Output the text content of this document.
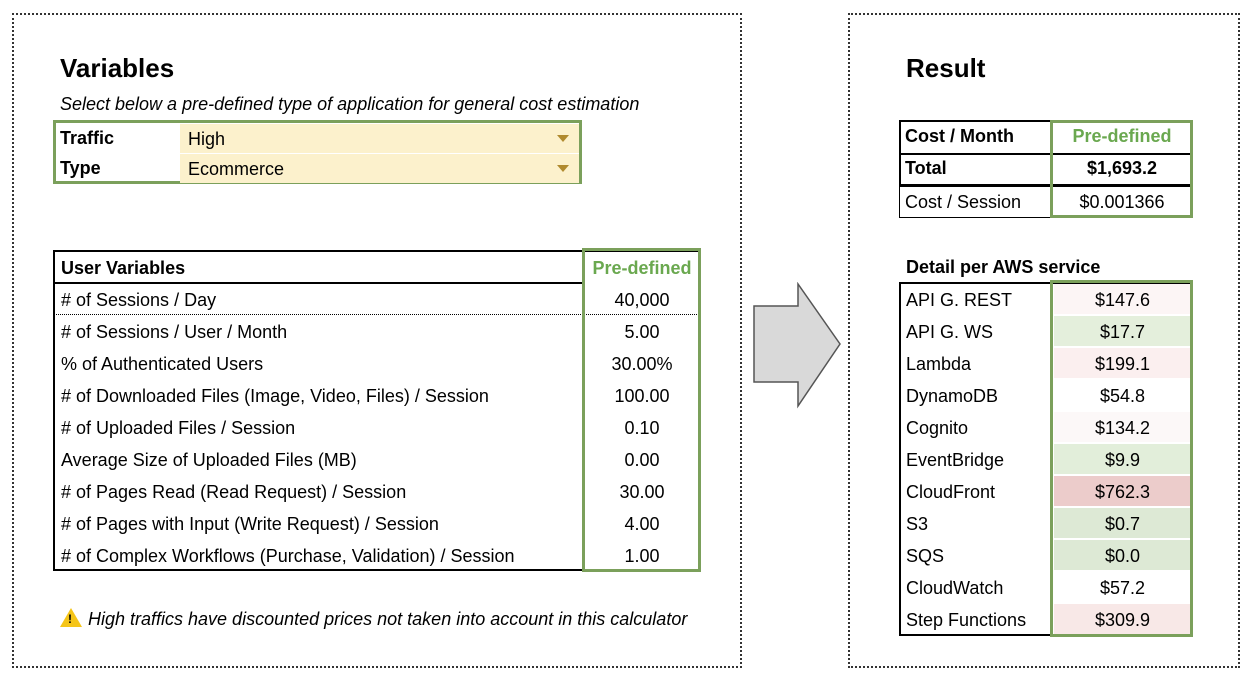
Variables
Select below a pre-defined type of application for general cost estimation
Traffic	High
Type	Ecommerce
User Variables	Pre-defined
# of Sessions / Day	40,000
# of Sessions / User / Month	5.00
% of Authenticated Users	30.00%
# of Downloaded Files (Image, Video, Files) / Session	100.00
# of Uploaded Files / Session	0.10
Average Size of Uploaded Files (MB)	0.00
# of Pages Read (Read Request) / Session	30.00
# of Pages with Input (Write Request) / Session	4.00
# of Complex Workflows (Purchase, Validation) / Session	1.00
! High traffics have discounted prices not taken into account in this calculator
Result
Cost / Month	Pre-defined
Total	$1,693.2
Cost / Session	$0.001366
Detail per AWS service
API G. REST	$147.6
API G. WS	$17.7
Lambda	$199.1
DynamoDB	$54.8
Cognito	$134.2
EventBridge	$9.9
CloudFront	$762.3
S3	$0.7
SQS	$0.0
CloudWatch	$57.2
Step Functions	$309.9
